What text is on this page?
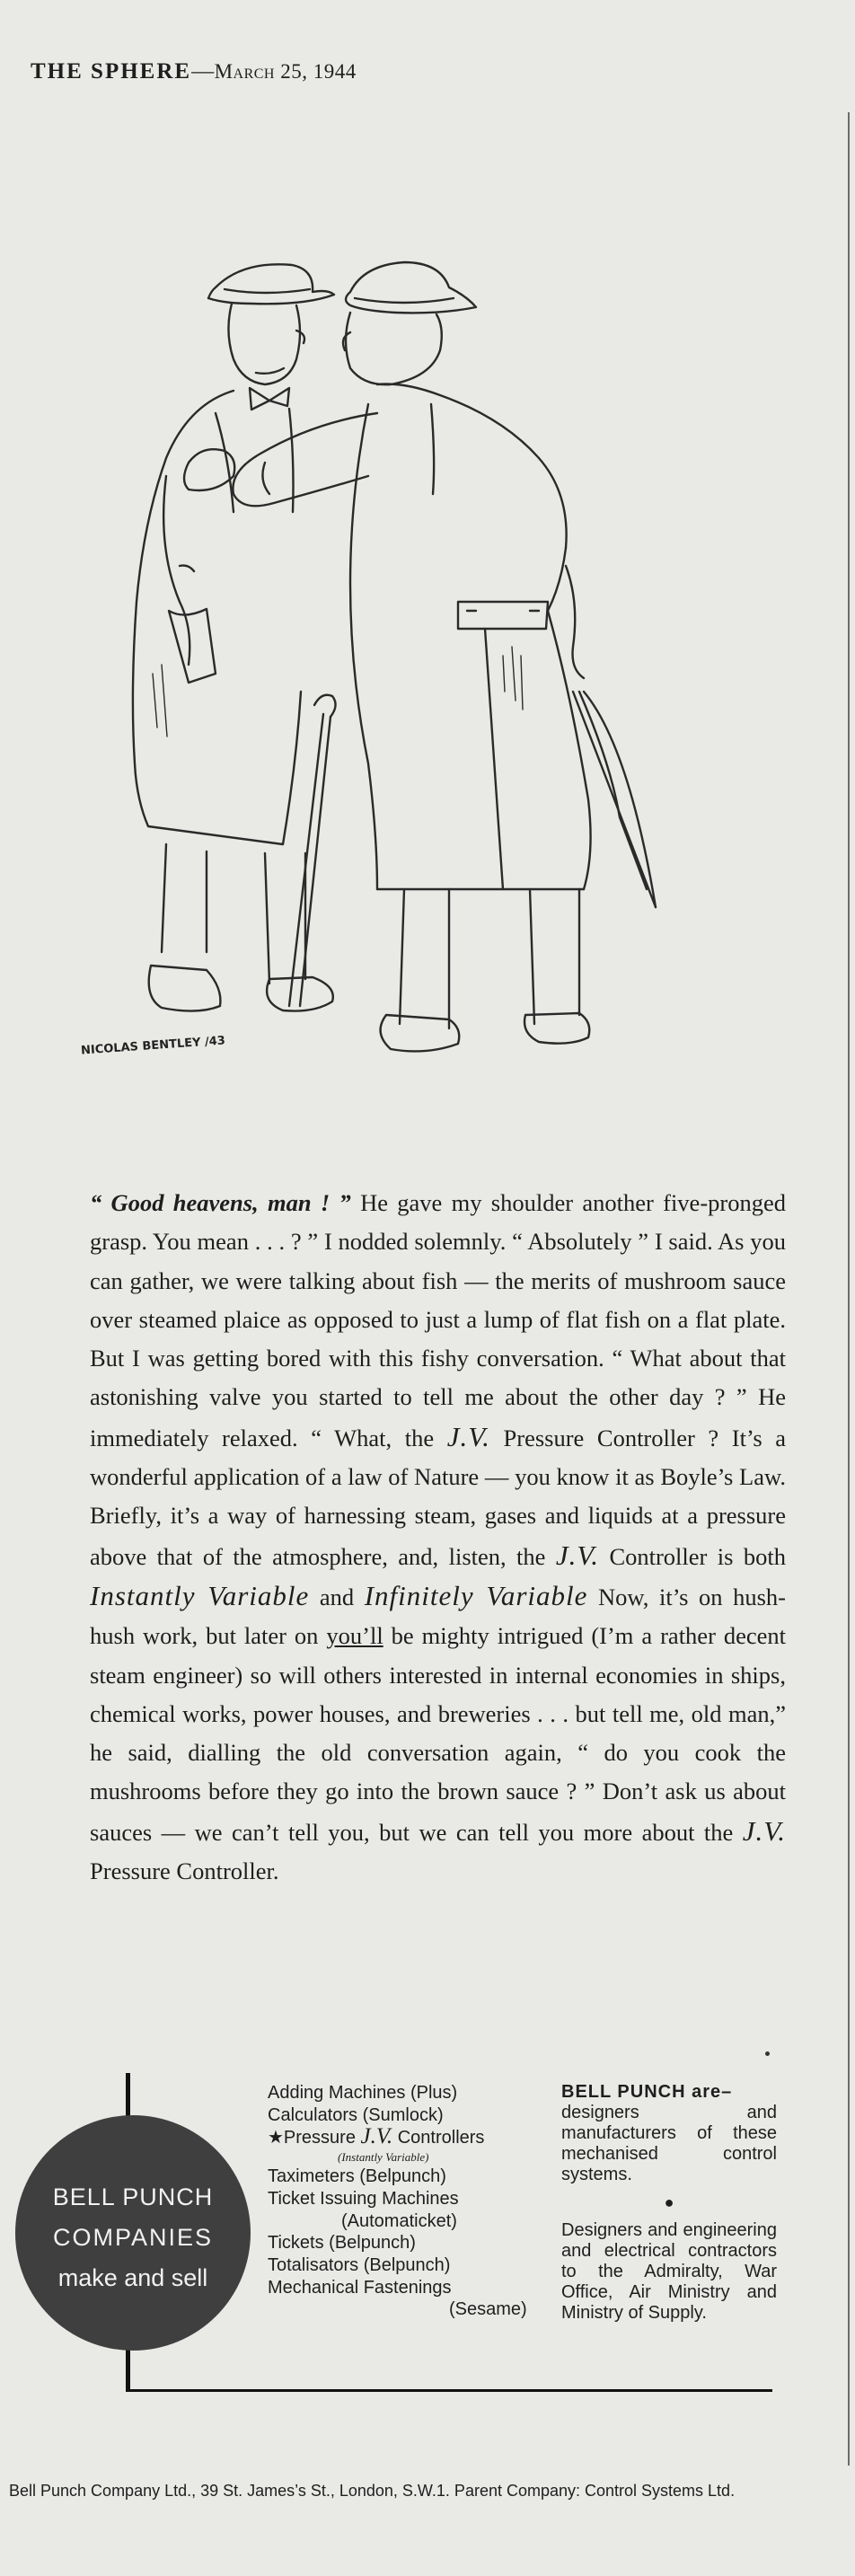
THE SPHERE—March 25, 1944
NICOLAS BENTLEY /43
“ Good heavens, man ! ” He gave my shoulder another five-pronged grasp. You mean . . . ? ” I nodded solemnly. “ Absolutely ” I said. As you can gather, we were talking about fish — the merits of mushroom sauce over steamed plaice as opposed to just a lump of flat fish on a flat plate. But I was getting bored with this fishy conversation. “ What about that astonishing valve you started to tell me about the other day ? ” He immediately relaxed. “ What, the J.V. Pressure Controller ? It’s a wonderful application of a law of Nature — you know it as Boyle’s Law. Briefly, it’s a way of harnessing steam, gases and liquids at a pressure above that of the atmosphere, and, listen, the J.V. Controller is both Instantly Variable and Infinitely Variable Now, it’s on hush-hush work, but later on you’ll be mighty intrigued (I’m a rather decent steam engineer) so will others interested in internal economies in ships, chemical works, power houses, and breweries . . . but tell me, old man,” he said, dialling the old conversation again, “ do you cook the mushrooms before they go into the brown sauce ? ” Don’t ask us about sauces — we can’t tell you, but we can tell you more about the J.V. Pressure Controller.
BELL PUNCH
COMPANIES
make and sell
Adding Machines (Plus)
Calculators (Sumlock)
★Pressure J.V. Controllers
(Instantly Variable)
Taximeters (Belpunch)
Ticket Issuing Machines
(Automaticket)
Tickets (Belpunch)
Totalisators (Belpunch)
Mechanical Fastenings
(Sesame)
BELL PUNCH are–
designers and manufacturers of these mechanised control systems.
●
Designers and engineering and electrical contractors to the Admiralty, War Office, Air Ministry and Ministry of Supply.
Bell Punch Company Ltd., 39 St. James’s St., London, S.W.1. Parent Company: Control Systems Ltd.
